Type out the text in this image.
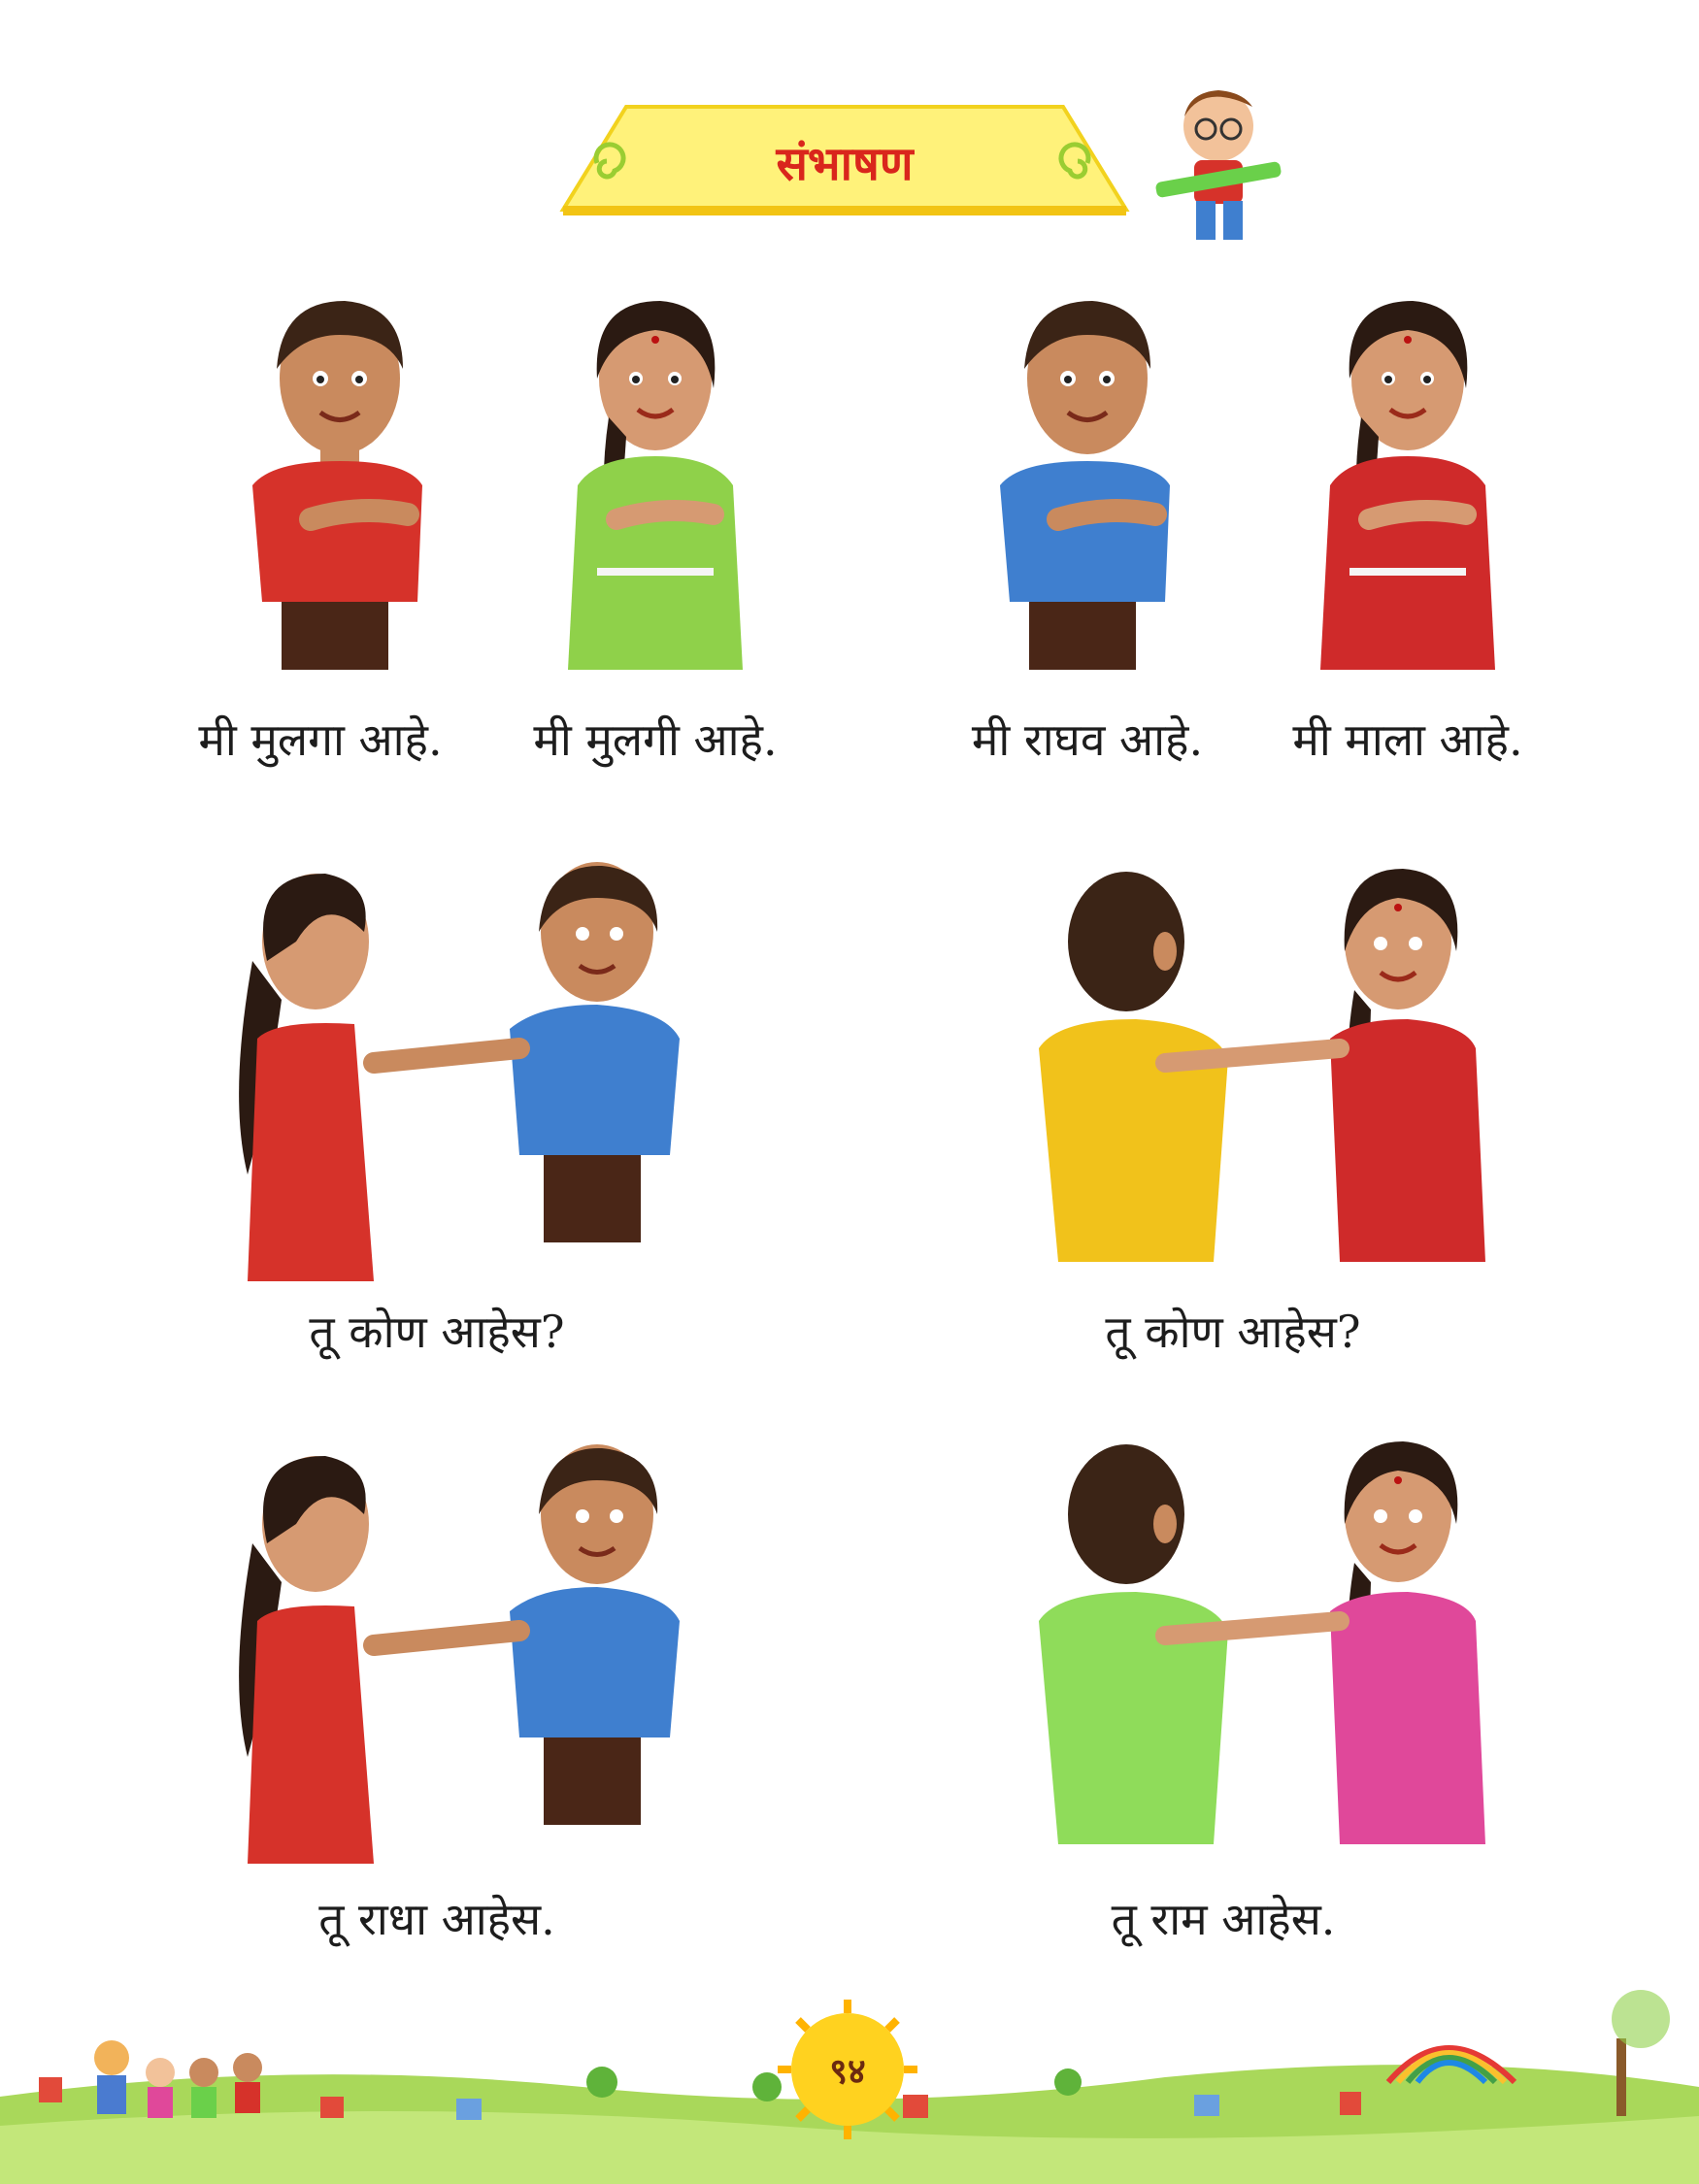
संभाषण
मी मुलगा आहे.	मी मुलगी आहे.	मी राघव आहे.	मी माला आहे.
तू कोण आहेस?	तू कोण आहेस?
तू राधा आहेस.	तू राम आहेस.
९४
